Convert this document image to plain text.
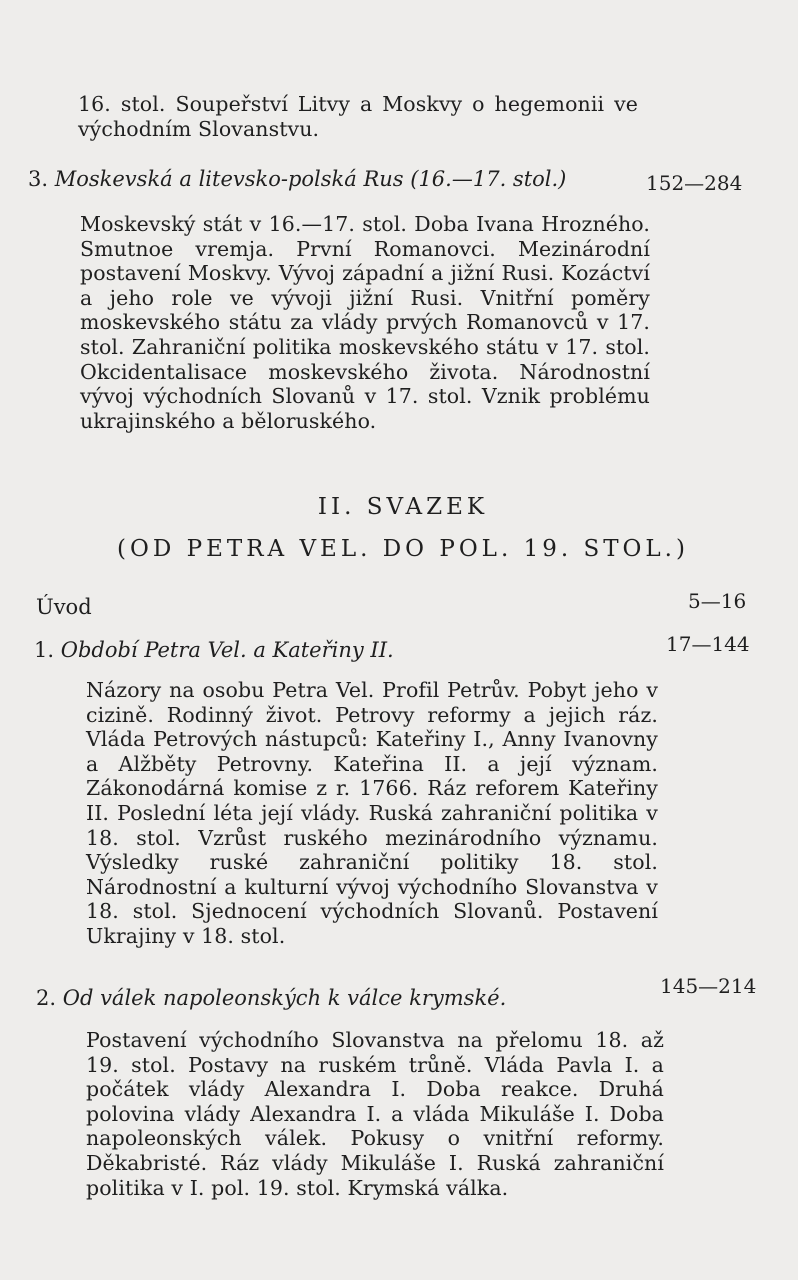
16. stol. Soupeřství Litvy a Moskvy o hegemonii ve východním Slovanstvu.
3. Moskevská a litevsko-polská Rus (16.—17. stol.)	152—284
Moskevský stát v 16.—17. stol. Doba Ivana Hrozného. Smutnoe vremja. První Romanovci. Mezinárodní postavení Moskvy. Vývoj západní a jižní Rusi. Kozáctví a jeho role ve vývoji jižní Rusi. Vnitřní poměry moskevského státu za vlády prvých Romanovců v 17. stol. Zahraniční politika moskevského státu v 17. stol. Okcidentalisace moskevského života. Národnostní vývoj východních Slovanů v 17. stol. Vznik problému ukrajinského a běloruského.
II. SVAZEK
(OD PETRA VEL. DO POL. 19. STOL.)
Úvod	5—16
1. Období Petra Vel. a Kateřiny II.	17—144
Názory na osobu Petra Vel. Profil Petrův. Pobyt jeho v cizině. Rodinný život. Petrovy reformy a jejich ráz. Vláda Petrových nástupců: Kateřiny I., Anny Ivanovny a Alžběty Petrovny. Kateřina II. a její význam. Zákonodárná komise z r. 1766. Ráz reforem Kateřiny II. Poslední léta její vlády. Ruská zahraniční politika v 18. stol. Vzrůst ruského mezinárodního významu. Výsledky ruské zahraniční politiky 18. stol. Národnostní a kulturní vývoj východního Slovanstva v 18. stol. Sjednocení východních Slovanů. Postavení Ukrajiny v 18. stol.
2. Od válek napoleonských k válce krymské.	145—214
Postavení východního Slovanstva na přelomu 18. až 19. stol. Postavy na ruském trůně. Vláda Pavla I. a počátek vlády Alexandra I. Doba reakce. Druhá polovina vlády Alexandra I. a vláda Mikuláše I. Doba napoleonských válek. Pokusy o vnitřní reformy. Děkabristé. Ráz vlády Mikuláše I. Ruská zahraniční politika v I. pol. 19. stol. Krymská válka.
